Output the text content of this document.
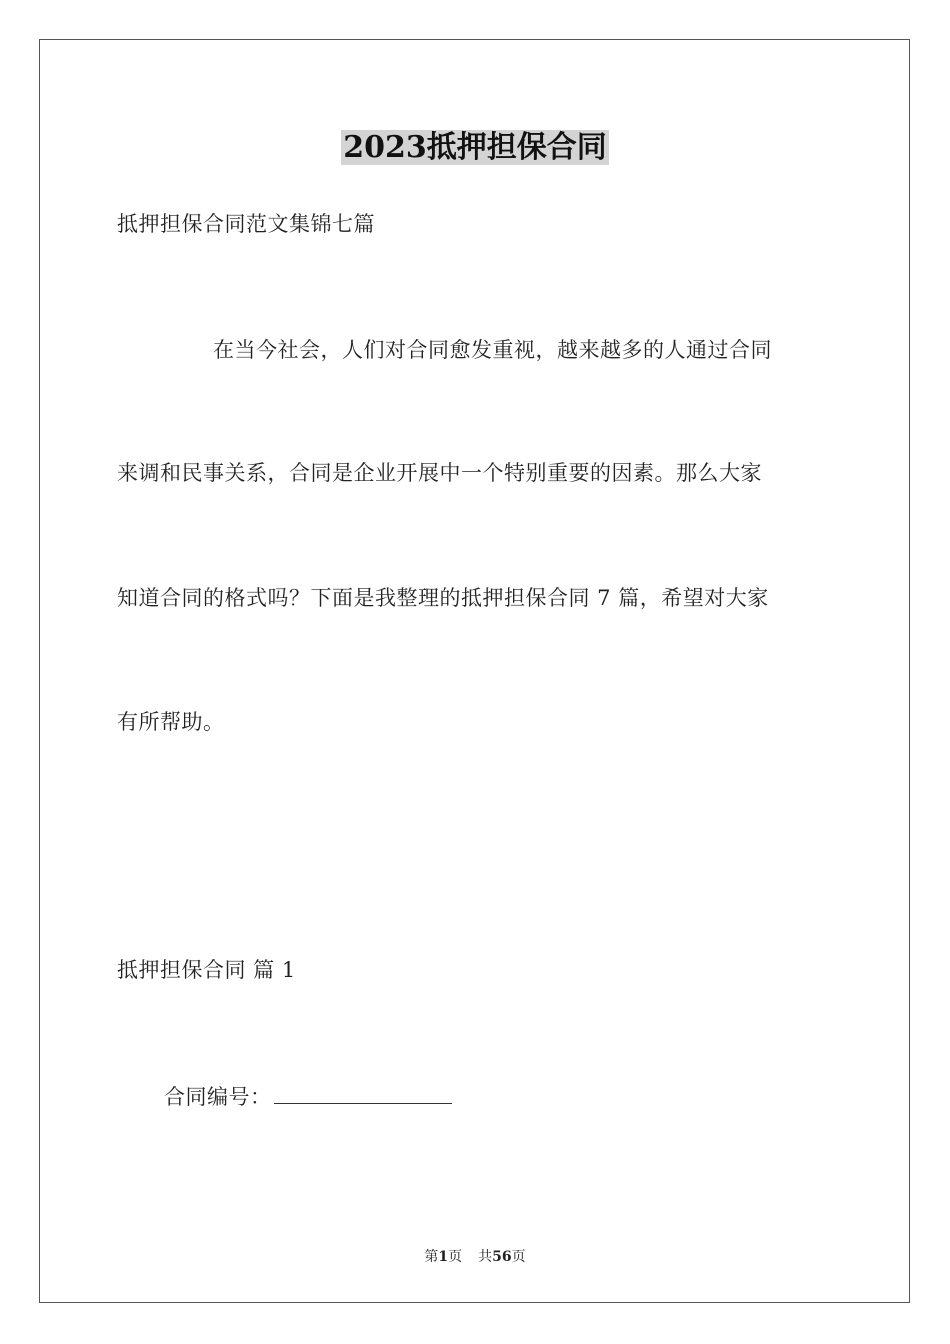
2023抵押担保合同
抵押担保合同范文集锦七篇
在当今社会，人们对合同愈发重视，越来越多的人通过合同
来调和民事关系，合同是企业开展中一个特别重要的因素。那么大家
知道合同的格式吗？下面是我整理的抵押担保合同 7 篇，希望对大家
有所帮助。
抵押担保合同 篇 1
合同编号：
第1页 共56页
